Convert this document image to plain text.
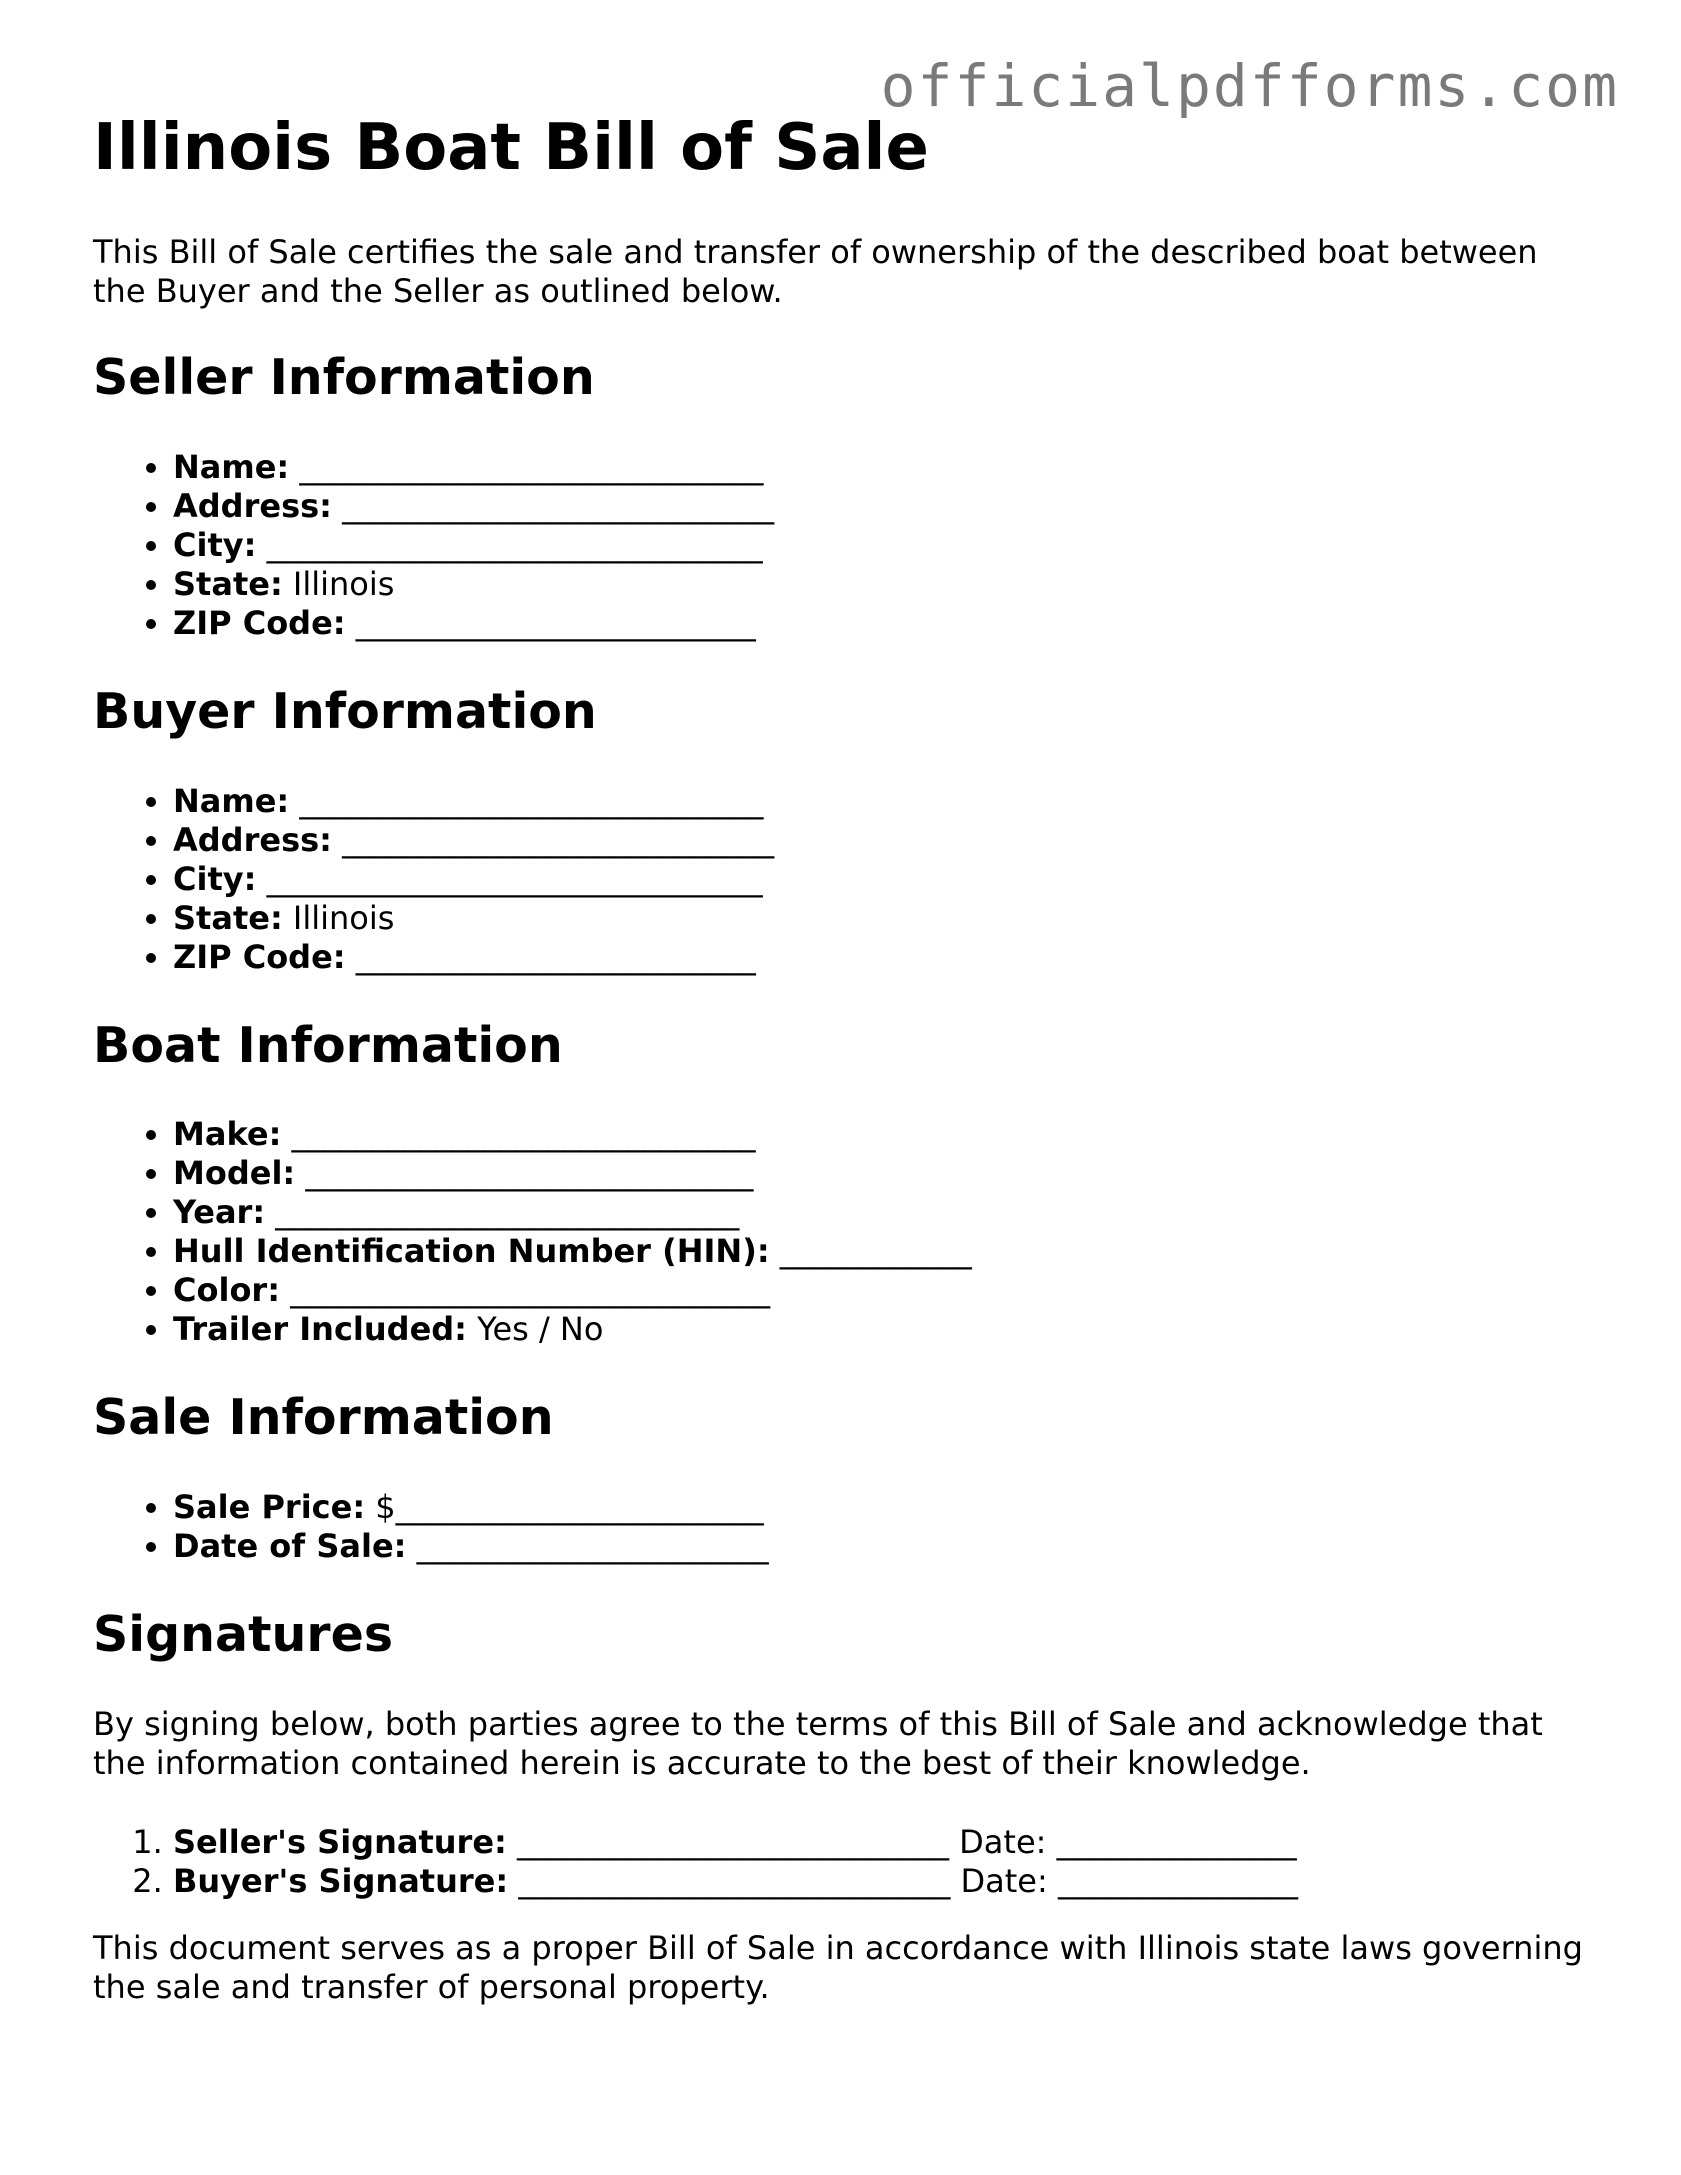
officialpdfforms.com
Illinois Boat Bill of Sale

This Bill of Sale certifies the sale and transfer of ownership of the described boat between the Buyer and the Seller as outlined below.

Seller Information
• Name: _____________________________
• Address: ___________________________
• City: _______________________________
• State: Illinois
• ZIP Code: _________________________
Buyer Information
• Name: _____________________________
• Address: ___________________________
• City: _______________________________
• State: Illinois
• ZIP Code: _________________________
Boat Information
• Make: _____________________________
• Model: ____________________________
• Year: _____________________________
• Hull Identification Number (HIN): ____________
• Color: ______________________________
• Trailer Included: Yes / No
Sale Information
• Sale Price: $_______________________
• Date of Sale: ______________________
Signatures

By signing below, both parties agree to the terms of this Bill of Sale and acknowledge that the information contained herein is accurate to the best of their knowledge.

1. Seller's Signature: ___________________________ Date: _______________
2. Buyer's Signature: ___________________________ Date: _______________

This document serves as a proper Bill of Sale in accordance with Illinois state laws governing the sale and transfer of personal property.
